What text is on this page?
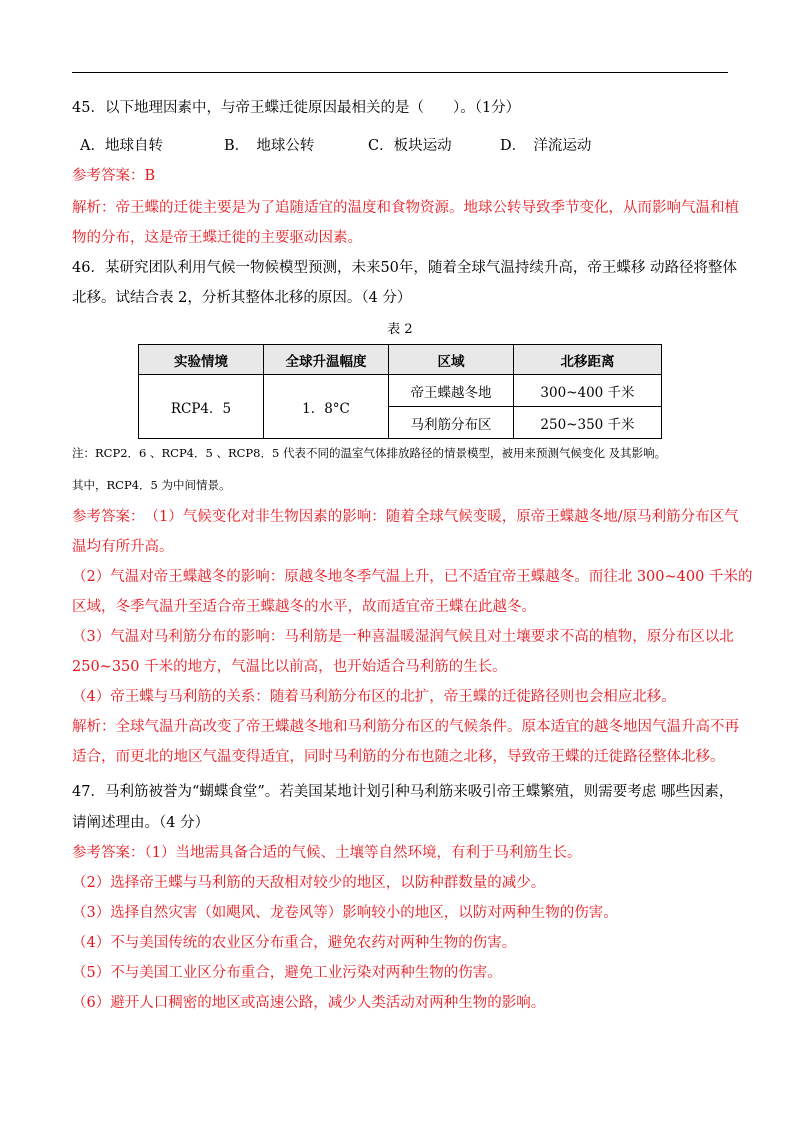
45．以下地理因素中，与帝王蝶迁徙原因最相关的是（　　）。（1分）
A．地球自转	B．　地球公转	C．板块运动	D．　洋流运动
参考答案：B
解析：帝王蝶的迁徙主要是为了追随适宜的温度和食物资源。地球公转导致季节变化，从而影响气温和植
物的分布，这是帝王蝶迁徙的主要驱动因素。
46．某研究团队利用气候一物候模型预测，未来50年，随着全球气温持续升高，帝王蝶移 动路径将整体
北移。试结合表 2，分析其整体北移的原因。（4 分）
表 2
实验情境	全球升温幅度	区域	北移距离
RCP4．5	1．8°C	帝王蝶越冬地	300~400 千米
		马利筋分布区	250~350 千米
注：RCP2．6 、RCP4．5 、RCP8．5 代表不同的温室气体排放路径的情景模型，被用来预测气候变化 及其影响。
其中，RCP4．5 为中间情景。
参考答案：　（1）气候变化对非生物因素的影响：随着全球气候变暖，原帝王蝶越冬地/原马利筋分布区气
温均有所升高。
（2）气温对帝王蝶越冬的影响：原越冬地冬季气温上升，已不适宜帝王蝶越冬。而往北 300~400 千米的
区域，冬季气温升至适合帝王蝶越冬的水平，故而适宜帝王蝶在此越冬。
（3）气温对马利筋分布的影响：马利筋是一种喜温暖湿润气候且对土壤要求不高的植物，原分布区以北
250~350 千米的地方，气温比以前高，也开始适合马利筋的生长。
（4）帝王蝶与马利筋的关系：随着马利筋分布区的北扩，帝王蝶的迁徙路径则也会相应北移。
解析：全球气温升高改变了帝王蝶越冬地和马利筋分布区的气候条件。原本适宜的越冬地因气温升高不再
适合，而更北的地区气温变得适宜，同时马利筋的分布也随之北移，导致帝王蝶的迁徙路径整体北移。
47．马利筋被誉为“蝴蝶食堂”。若美国某地计划引种马利筋来吸引帝王蝶繁殖，则需要考虑 哪些因素，
请阐述理由。（4 分）
参考答案：（1）当地需具备合适的气候、土壤等自然环境，有利于马利筋生长。
（2）选择帝王蝶与马利筋的天敌相对较少的地区，以防种群数量的减少。
（3）选择自然灾害（如飓风、龙卷风等）影响较小的地区，以防对两种生物的伤害。
（4）不与美国传统的农业区分布重合，避免农药对两种生物的伤害。
（5）不与美国工业区分布重合，避免工业污染对两种生物的伤害。
（6）避开人口稠密的地区或高速公路，减少人类活动对两种生物的影响。
